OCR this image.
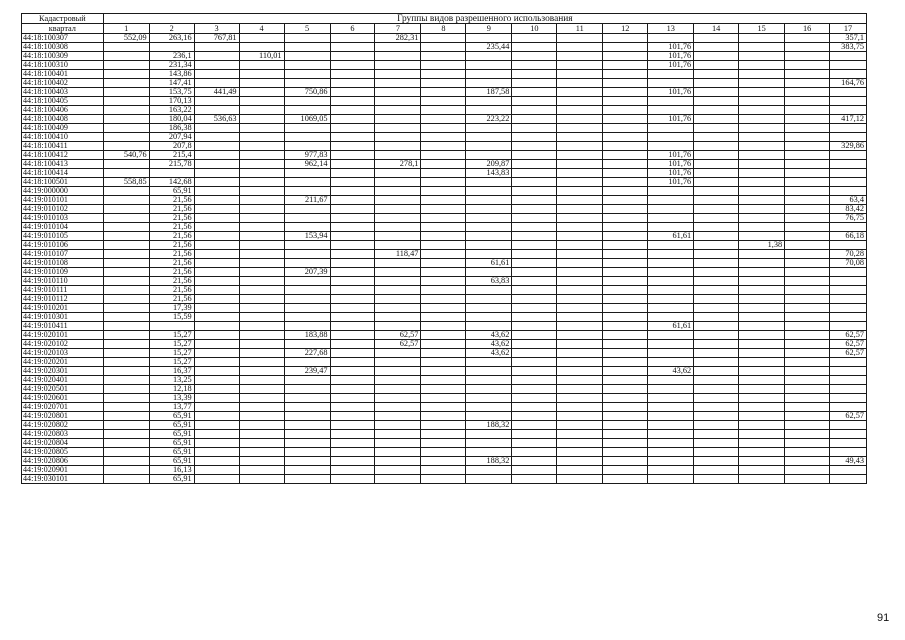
Кадастровый	Группы видов разрешенного использования																
квартал	1	2	3	4	5	6	7	8	9	10	11	12	13	14	15	16	17
44:18:100307	552,09	263,16	767,81				282,31										357,1
44:18:100308									235,44				101,76				383,75
44:18:100309		236,1		110,01									101,76				
44:18:100310		231,34											101,76				
44:18:100401		143,86															
44:18:100402		147,41															164,76
44:18:100403		153,75	441,49		750,86				187,58				101,76				
44:18:100405		170,13															
44:18:100406		163,22															
44:18:100408		180,04	536,63		1069,05				223,22				101,76				417,12
44:18:100409		186,38															
44:18:100410		207,94															
44:18:100411		207,8															329,86
44:18:100412	540,76	215,4			977,83								101,76				
44:18:100413		215,78			962,14		278,1		209,87				101,76				
44:18:100414									143,83				101,76				
44:18:100501	558,85	142,68											101,76				
44:19:000000		65,91															
44:19:010101		21,56			211,67												63,4
44:19:010102		21,56															83,42
44:19:010103		21,56															76,75
44:19:010104		21,56															
44:19:010105		21,56			153,94								61,61				66,18
44:19:010106		21,56													1,38		
44:19:010107		21,56					118,47										70,28
44:19:010108		21,56							61,61								70,08
44:19:010109		21,56			207,39												
44:19:010110		21,56							63,83								
44:19:010111		21,56															
44:19:010112		21,56															
44:19:010201		17,39															
44:19:010301		15,59															
44:19:010411													61,61				
44:19:020101		15,27			183,88		62,57		43,62								62,57
44:19:020102		15,27					62,57		43,62								62,57
44:19:020103		15,27			227,68				43,62								62,57
44:19:020201		15,27															
44:19:020301		16,37			239,47								43,62				
44:19:020401		13,25															
44:19:020501		12,18															
44:19:020601		13,39															
44:19:020701		13,77															
44:19:020801		65,91															62,57
44:19:020802		65,91							188,32								
44:19:020803		65,91															
44:19:020804		65,91															
44:19:020805		65,91															
44:19:020806		65,91							188,32								49,43
44:19:020901		16,13															
44:19:030101		65,91															
91
